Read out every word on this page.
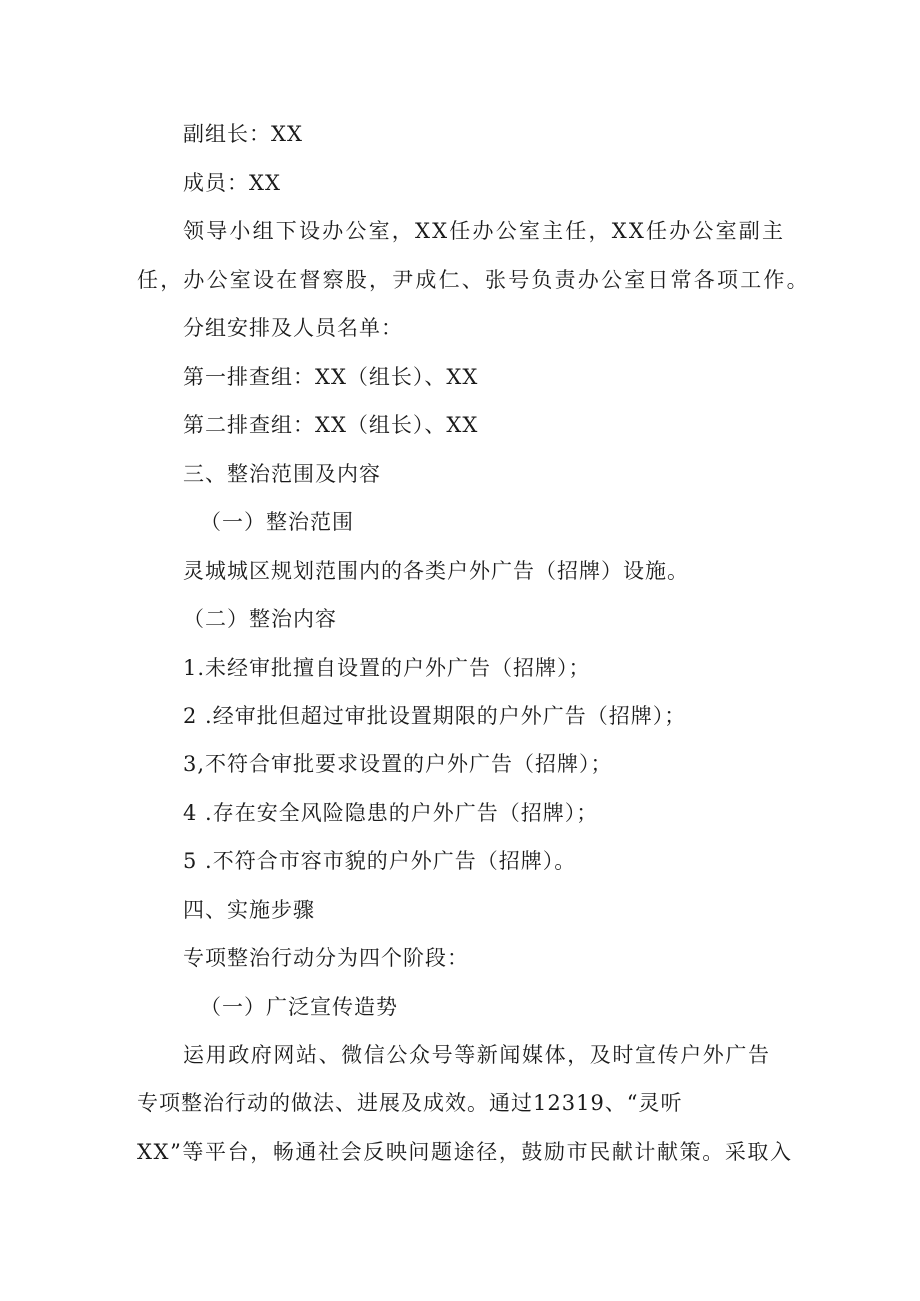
副组长：XX
成员：XX
领导小组下设办公室，XX任办公室主任，XX任办公室副主
任，办公室设在督察股，尹成仁、张号负责办公室日常各项工作。
分组安排及人员名单：
第一排查组：XX（组长）、XX
第二排查组：XX（组长）、XX
三、整治范围及内容
（一）整治范围
灵城城区规划范围内的各类户外广告（招牌）设施。
（二）整治内容
1.未经审批擅自设置的户外广告（招牌）；
2 .经审批但超过审批设置期限的户外广告（招牌）；
3,不符合审批要求设置的户外广告（招牌）；
4 .存在安全风险隐患的户外广告（招牌）；
5 .不符合市容市貌的户外广告（招牌）。
四、实施步骤
专项整治行动分为四个阶段：
（一）广泛宣传造势
运用政府网站、微信公众号等新闻媒体，及时宣传户外广告
专项整治行动的做法、进展及成效。通过12319、“灵听
XX”等平台，畅通社会反映问题途径，鼓励市民献计献策。采取入
